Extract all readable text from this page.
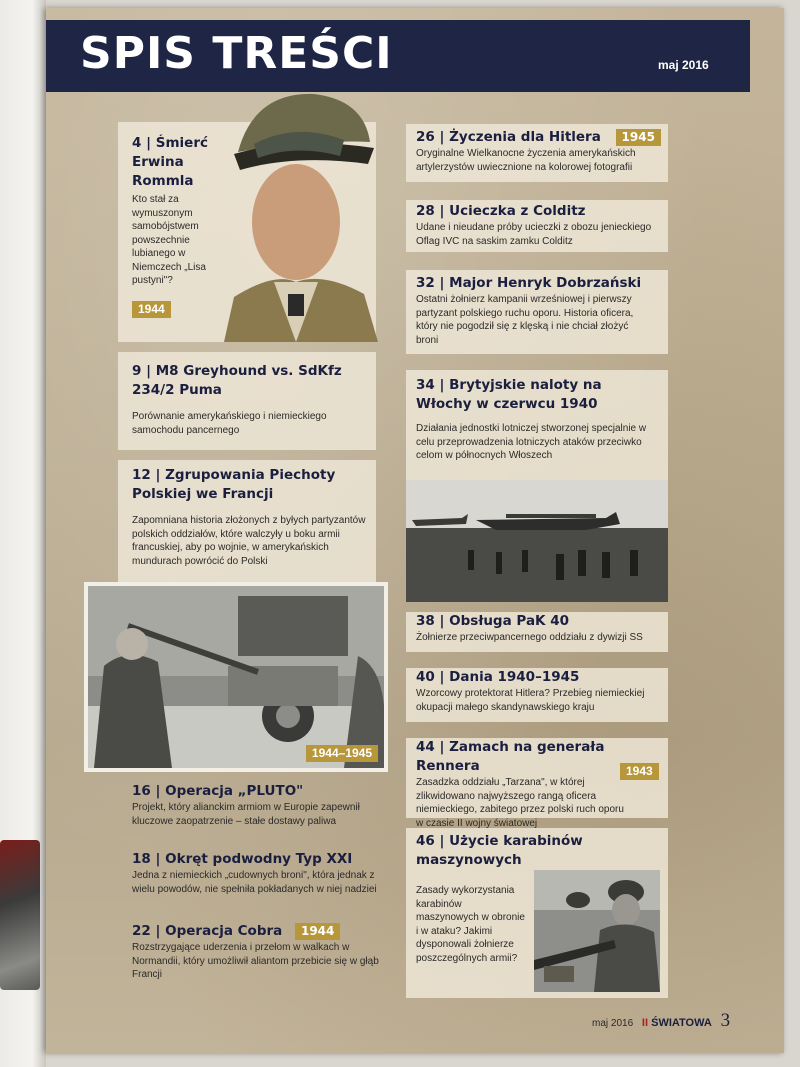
SPIS TREŚCI	maj 2016
4 | Śmierć Erwina Rommla
Kto stał za wymuszonym samobójstwem powszechnie lubianego w Niemczech „Lisa pustyni"?
1944
9 | M8 Greyhound vs. SdKfz 234/2 Puma
Porównanie amerykańskiego i niemieckiego samochodu pancernego
12 | Zgrupowania Piechoty Polskiej we Francji
Zapomniana historia złożonych z byłych partyzantów polskich oddziałów, które walczyły u boku armii francuskiej, aby po wojnie, w amerykańskich mundurach powrócić do Polski
1944–1945
16 | Operacja „PLUTO"
Projekt, który alianckim armiom w Europie zapewnił kluczowe zaopatrzenie – stałe dostawy paliwa
18 | Okręt podwodny Typ XXI
Jedna z niemieckich „cudownych broni", która jednak z wielu powodów, nie spełniła pokładanych w niej nadziei
22 | Operacja Cobra 1944
Rozstrzygające uderzenia i przełom w walkach w Normandii, który umożliwił aliantom przebicie się w głąb Francji
26 | Życzenia dla Hitlera 1945
Oryginalne Wielkanocne życzenia amerykańskich artylerzystów uwiecznione na kolorowej fotografii
28 | Ucieczka z Colditz
Udane i nieudane próby ucieczki z obozu jenieckiego Oflag IVC na saskim zamku Colditz
32 | Major Henryk Dobrzański
Ostatni żołnierz kampanii wrześniowej i pierwszy partyzant polskiego ruchu oporu. Historia oficera, który nie pogodził się z klęską i nie chciał złożyć broni
34 | Brytyjskie naloty na Włochy w czerwcu 1940
Działania jednostki lotniczej stworzonej specjalnie w celu przeprowadzenia lotniczych ataków przeciwko celom w północnych Włoszech
38 | Obsługa PaK 40
Żołnierze przeciwpancernego oddziału z dywizji SS
40 | Dania 1940–1945
Wzorcowy protektorat Hitlera? Przebieg niemieckiej okupacji małego skandynawskiego kraju
44 | Zamach na generała Rennera
Zasadzka oddziału „Tarzana", w której zlikwidowano najwyższego rangą oficera niemieckiego, zabitego przez polski ruch oporu w czasie II wojny światowej
1943
46 | Użycie karabinów maszynowych
Zasady wykorzystania karabinów maszynowych w obronie i w ataku? Jakimi dysponowali żołnierze poszczególnych armii?
maj 2016 II ŚWIATOWA 3
